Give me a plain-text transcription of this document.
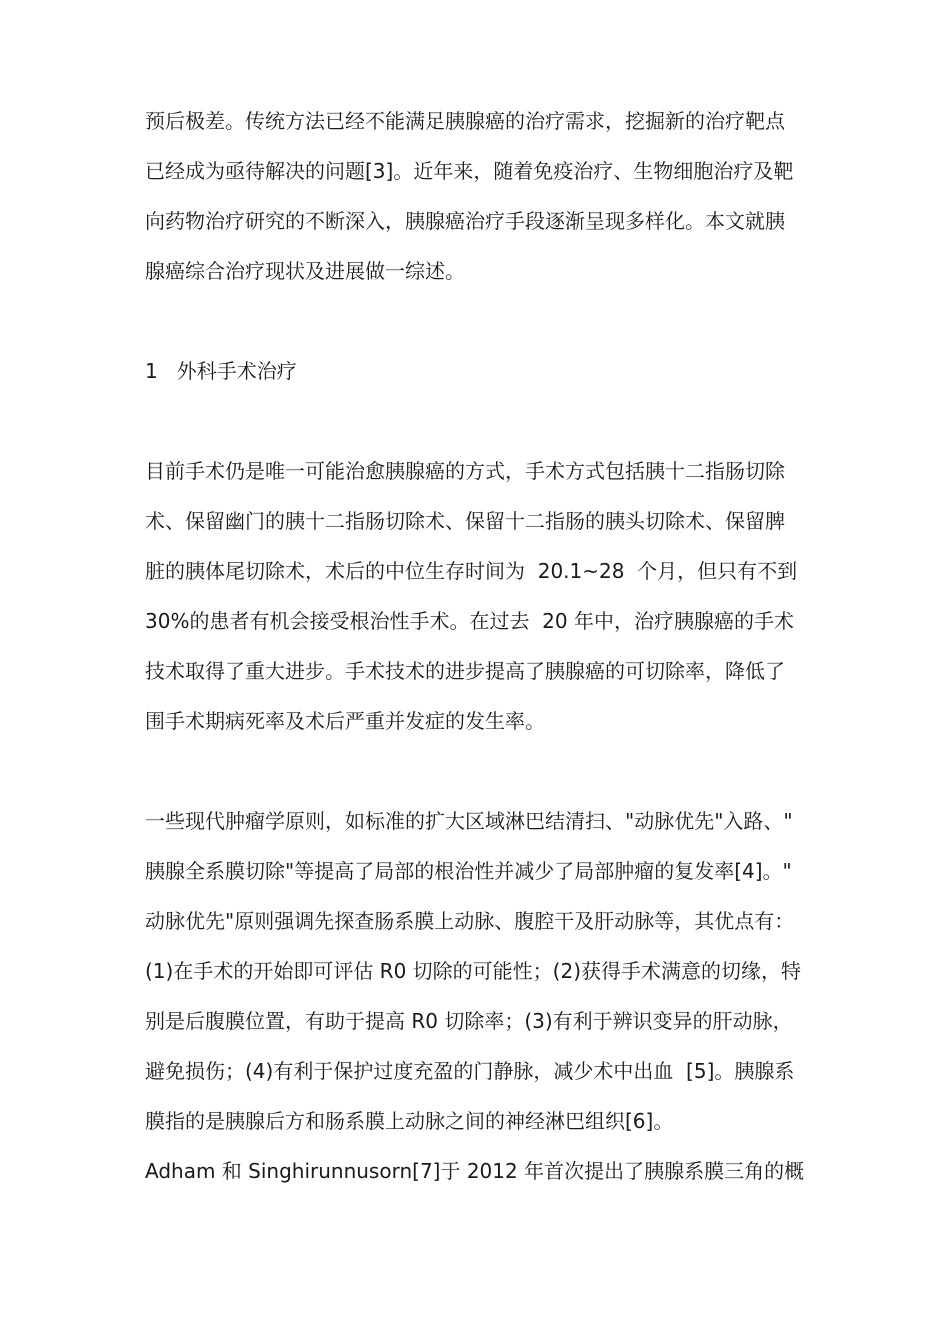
预后极差。传统方法已经不能满足胰腺癌的治疗需求，挖掘新的治疗靶点
已经成为亟待解决的问题[3]。近年来，随着免疫治疗、生物细胞治疗及靶
向药物治疗研究的不断深入，胰腺癌治疗手段逐渐呈现多样化。本文就胰
腺癌综合治疗现状及进展做一综述。
1   外科手术治疗
目前手术仍是唯一可能治愈胰腺癌的方式，手术方式包括胰十二指肠切除
术、保留幽门的胰十二指肠切除术、保留十二指肠的胰头切除术、保留脾
脏的胰体尾切除术，术后的中位生存时间为  20.1~28  个月，但只有不到
30%的患者有机会接受根治性手术。在过去  20 年中，治疗胰腺癌的手术
技术取得了重大进步。手术技术的进步提高了胰腺癌的可切除率，降低了
围手术期病死率及术后严重并发症的发生率。
一些现代肿瘤学原则，如标准的扩大区域淋巴结清扫、"动脉优先"入路、"
胰腺全系膜切除"等提高了局部的根治性并减少了局部肿瘤的复发率[4]。"
动脉优先"原则强调先探查肠系膜上动脉、腹腔干及肝动脉等，其优点有：
(1)在手术的开始即可评估 R0 切除的可能性；(2)获得手术满意的切缘，特
别是后腹膜位置，有助于提高 R0 切除率；(3)有利于辨识变异的肝动脉，
避免损伤；(4)有利于保护过度充盈的门静脉，减少术中出血  [5]。胰腺系
膜指的是胰腺后方和肠系膜上动脉之间的神经淋巴组织[6]。
Adham 和 Singhirunnusorn[7]于 2012 年首次提出了胰腺系膜三角的概
